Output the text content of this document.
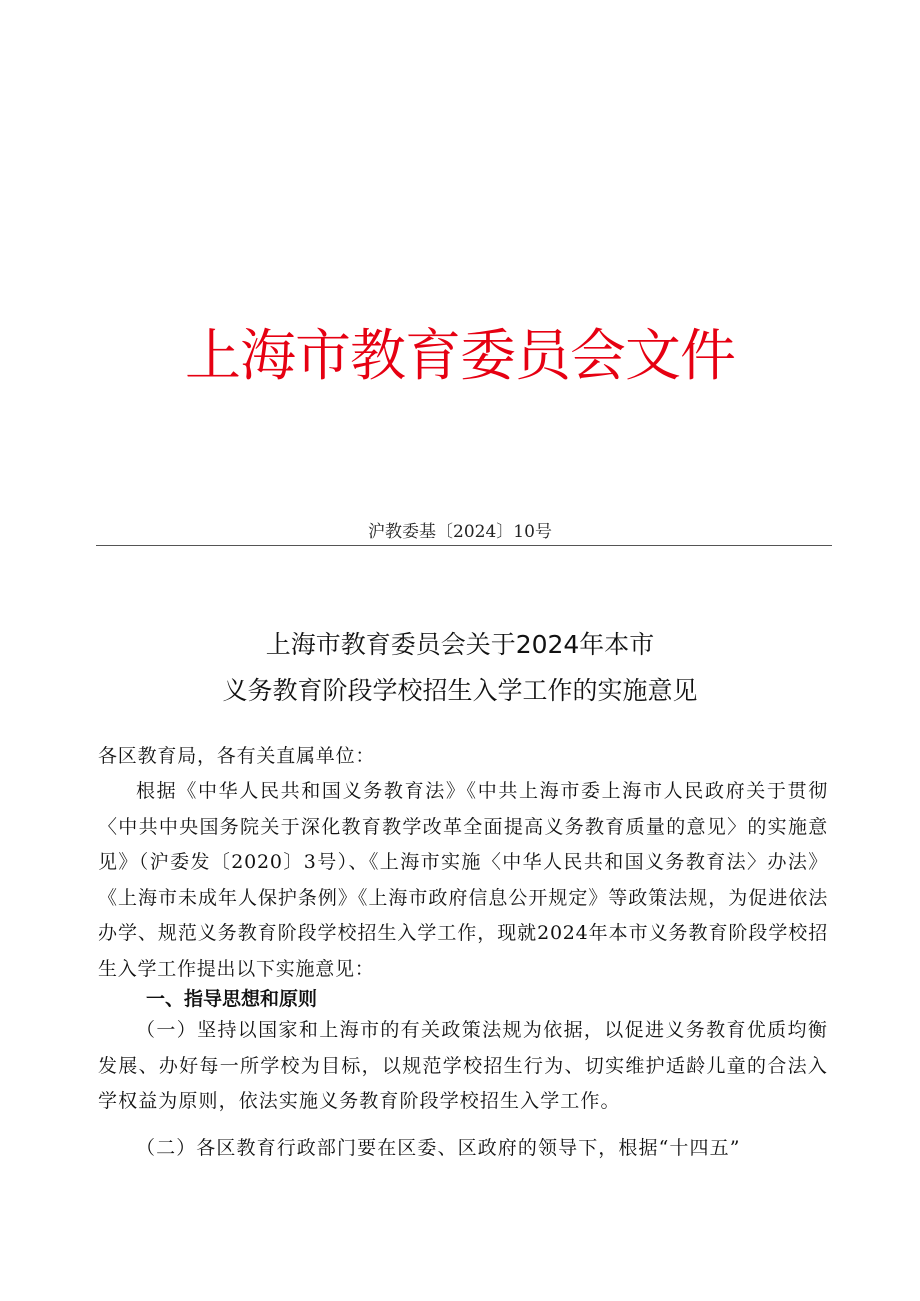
上海市教育委员会文件
沪教委基〔2024〕10号
上海市教育委员会关于2024年本市
义务教育阶段学校招生入学工作的实施意见
各区教育局，各有关直属单位：

根据《中华人民共和国义务教育法》《中共上海市委上海市人民政府关于贯彻〈中共中央国务院关于深化教育教学改革全面提高义务教育质量的意见〉的实施意见》（沪委发〔2020〕3号）、《上海市实施〈中华人民共和国义务教育法〉办法》《上海市未成年人保护条例》《上海市政府信息公开规定》等政策法规，为促进依法办学、规范义务教育阶段学校招生入学工作，现就2024年本市义务教育阶段学校招生入学工作提出以下实施意见：

一、指导思想和原则

（一）坚持以国家和上海市的有关政策法规为依据，以促进义务教育优质均衡发展、办好每一所学校为目标，以规范学校招生行为、切实维护适龄儿童的合法入学权益为原则，依法实施义务教育阶段学校招生入学工作。

（二）各区教育行政部门要在区委、区政府的领导下，根据“十四五”
